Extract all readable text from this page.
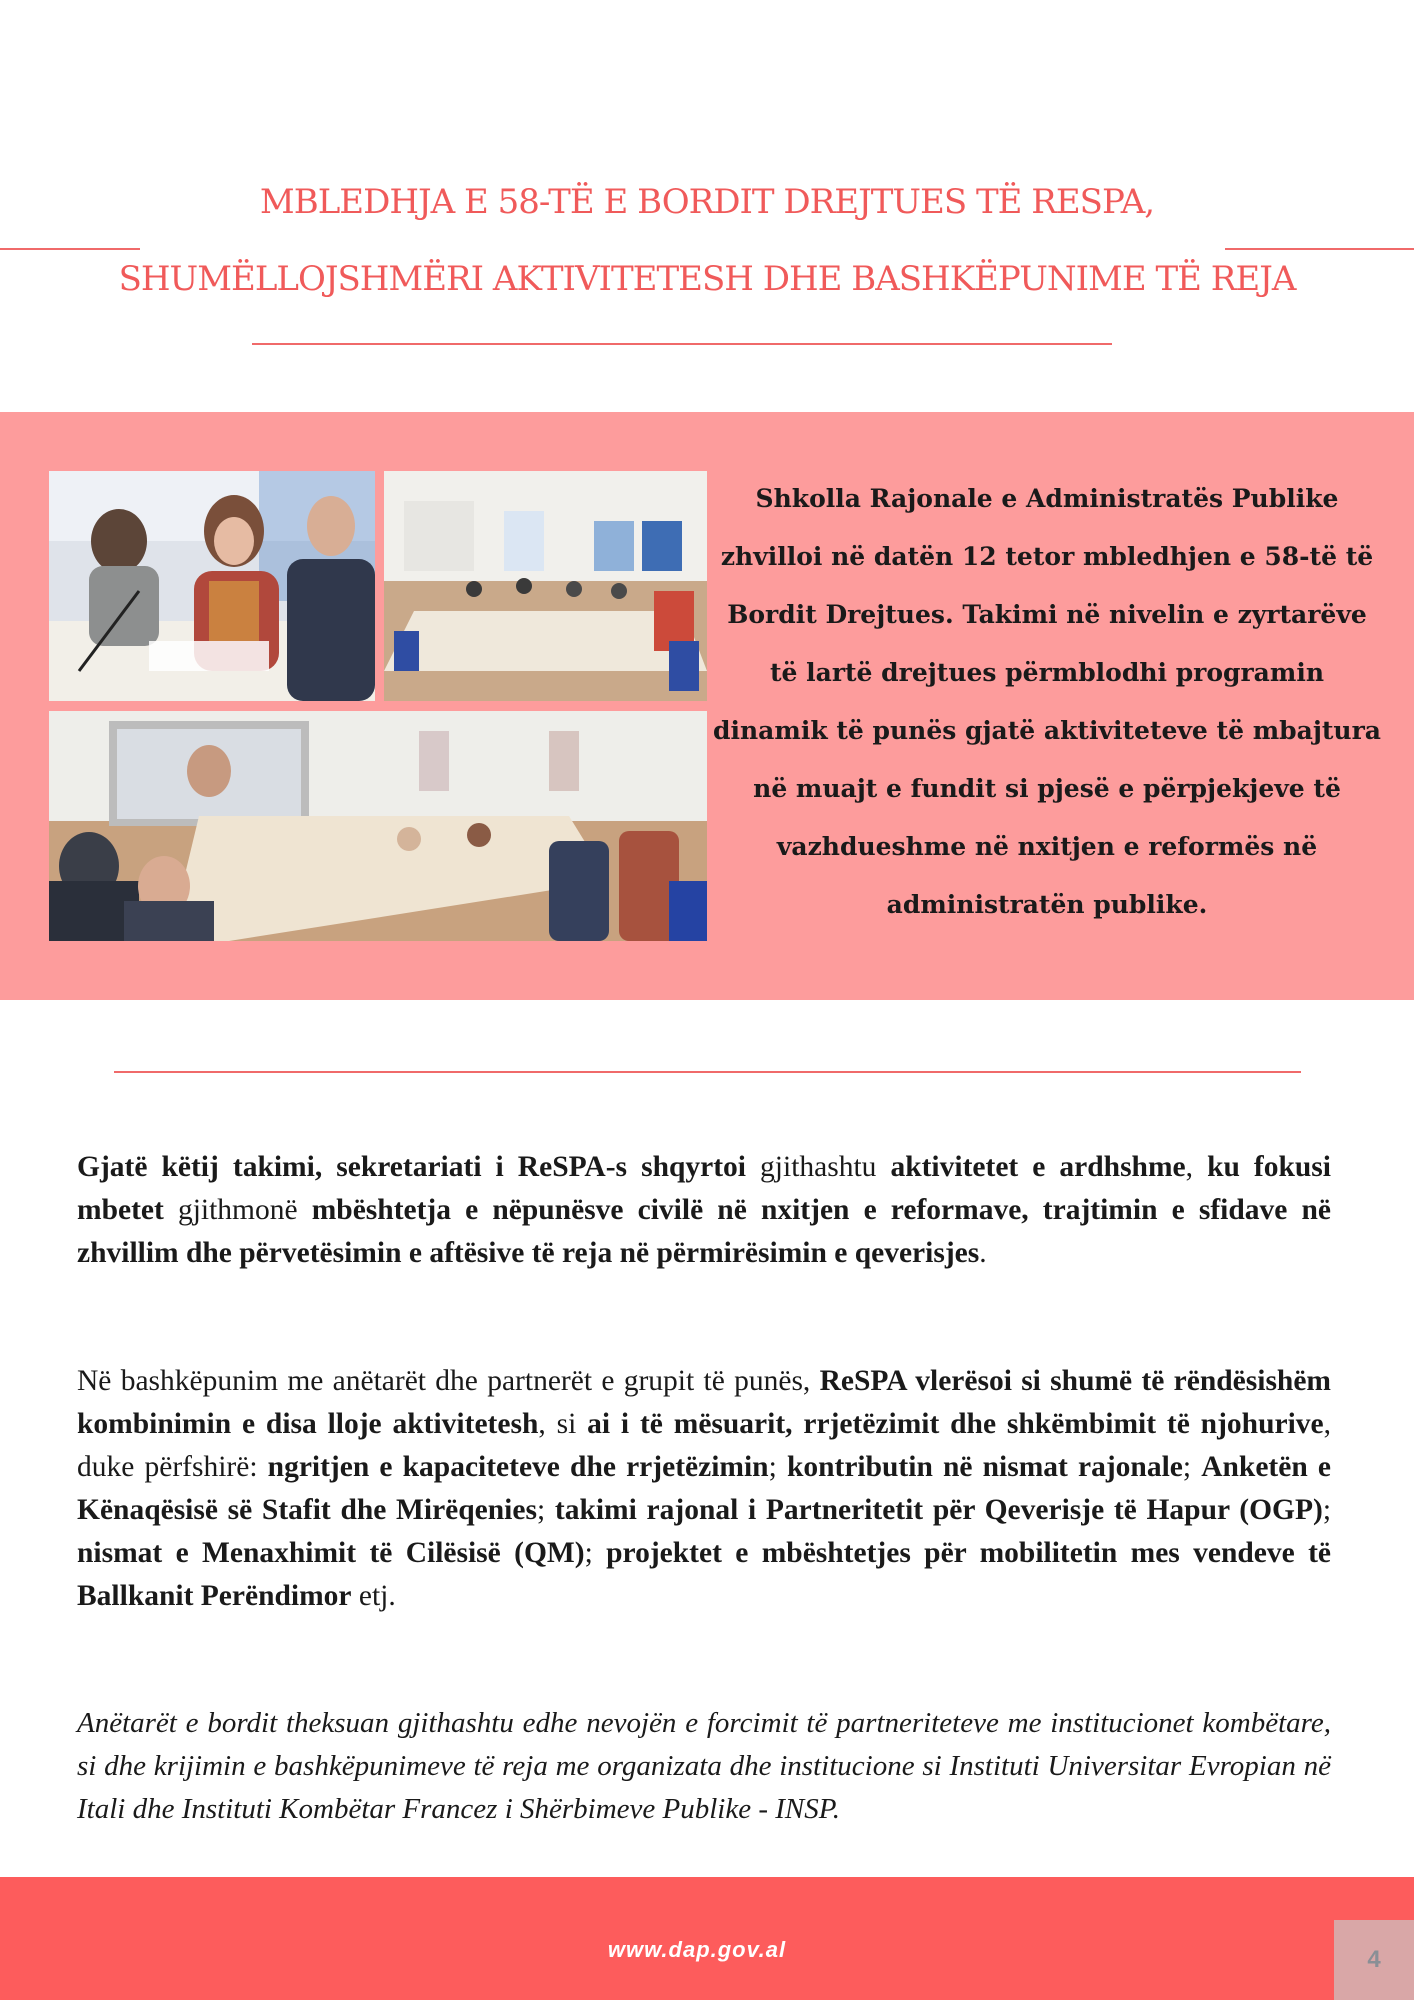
MBLEDHJA E 58-TË E BORDIT DREJTUES TË RESPA,
SHUMËLLOJSHMËRI AKTIVITETESH DHE BASHKËPUNIME TË REJA
Shkolla Rajonale e Administratës Publike zhvilloi në datën 12 tetor mbledhjen e 58-të të Bordit Drejtues. Takimi në nivelin e zyrtarëve të lartë drejtues përmblodhi programin dinamik të punës gjatë aktiviteteve të mbajtura në muajt e fundit si pjesë e përpjekjeve të vazhdueshme në nxitjen e reformës në administratën publike.
Gjatë këtij takimi, sekretariati i ReSPA-s shqyrtoi gjithashtu aktivitetet e ardhshme, ku fokusi mbetet gjithmonë mbështetja e nëpunësve civilë në nxitjen e reformave, trajtimin e sfidave në zhvillim dhe përvetësimin e aftësive të reja në përmirësimin e qeverisjes.
Në bashkëpunim me anëtarët dhe partnerët e grupit të punës, ReSPA vlerësoi si shumë të rëndësishëm kombinimin e disa lloje aktivitetesh, si ai i të mësuarit, rrjetëzimit dhe shkëmbimit të njohurive, duke përfshirë: ngritjen e kapaciteteve dhe rrjetëzimin; kontributin në nismat rajonale; Anketën e Kënaqësisë së Stafit dhe Mirëqenies; takimi rajonal i Partneritetit për Qeverisje të Hapur (OGP); nismat e Menaxhimit të Cilësisë (QM); projektet e mbështetjes për mobilitetin mes vendeve të Ballkanit Perëndimor etj.
Anëtarët e bordit theksuan gjithashtu edhe nevojën e forcimit të partneriteteve me institucionet kombëtare, si dhe krijimin e bashkëpunimeve të reja me organizata dhe institucione si Instituti Universitar Evropian në Itali dhe Instituti Kombëtar Francez i Shërbimeve Publike - INSP.
www.dap.gov.al	4
